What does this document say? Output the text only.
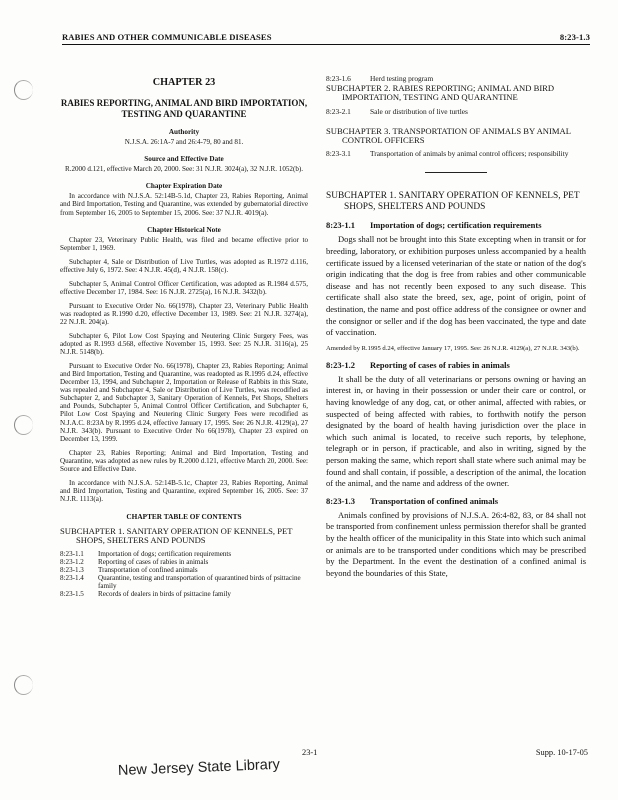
RABIES AND OTHER COMMUNICABLE DISEASES	8:23-1.3
CHAPTER 23
RABIES REPORTING, ANIMAL AND BIRD IMPORTATION, TESTING AND QUARANTINE
Authority

N.J.S.A. 26:1A-7 and 26:4-79, 80 and 81.

Source and Effective Date

R.2000 d.121, effective March 20, 2000. See: 31 N.J.R. 3024(a), 32 N.J.R. 1052(b).

Chapter Expiration Date

In accordance with N.J.S.A. 52:14B-5.1d, Chapter 23, Rabies Reporting, Animal and Bird Importation, Testing and Quarantine, was extended by gubernatorial directive from September 16, 2005 to September 15, 2006. See: 37 N.J.R. 4019(a).

Chapter Historical Note

Chapter 23, Veterinary Public Health, was filed and became effective prior to September 1, 1969.

Subchapter 4, Sale or Distribution of Live Turtles, was adopted as R.1972 d.116, effective July 6, 1972. See: 4 N.J.R. 45(d), 4 N.J.R. 158(c).

Subchapter 5, Animal Control Officer Certification, was adopted as R.1984 d.575, effective December 17, 1984. See: 16 N.J.R. 2725(a), 16 N.J.R. 3432(b).

Pursuant to Executive Order No. 66(1978), Chapter 23, Veterinary Public Health was readopted as R.1990 d.20, effective December 13, 1989. See: 21 N.J.R. 3274(a), 22 N.J.R. 204(a).

Subchapter 6, Pilot Low Cost Spaying and Neutering Clinic Surgery Fees, was adopted as R.1993 d.568, effective November 15, 1993. See: 25 N.J.R. 3116(a), 25 N.J.R. 5148(b).

Pursuant to Executive Order No. 66(1978), Chapter 23, Rabies Reporting; Animal and Bird Importation, Testing and Quarantine, was readopted as R.1995 d.24, effective December 13, 1994, and Subchapter 2, Importation or Release of Rabbits in this State, was repealed and Subchapter 4, Sale or Distribution of Live Turtles, was recodified as Subchapter 2, and Subchapter 3, Sanitary Operation of Kennels, Pet Shops, Shelters and Pounds, Subchapter 5, Animal Control Officer Certification, and Subchapter 6, Pilot Low Cost Spaying and Neutering Clinic Surgery Fees were recodified as N.J.A.C. 8:23A by R.1995 d.24, effective January 17, 1995. See: 26 N.J.R. 4129(a), 27 N.J.R. 343(b). Pursuant to Executive Order No 66(1978), Chapter 23 expired on December 13, 1999.

Chapter 23, Rabies Reporting; Animal and Bird Importation, Testing and Quarantine, was adopted as new rules by R.2000 d.121, effective March 20, 2000. See: Source and Effective Date.

In accordance with N.J.S.A. 52:14B-5.1c, Chapter 23, Rabies Reporting, Animal and Bird Importation, Testing and Quarantine, expired September 16, 2005. See: 37 N.J.R. 1113(a).

CHAPTER TABLE OF CONTENTS

SUBCHAPTER 1. SANITARY OPERATION OF KENNELS, PET SHOPS, SHELTERS AND POUNDS

8:23-1.1	Importation of dogs; certification requirements
8:23-1.2	Reporting of cases of rabies in animals
8:23-1.3	Transportation of confined animals
8:23-1.4	Quarantine, testing and transportation of quarantined birds of psittacine family
8:23-1.5	Records of dealers in birds of psittacine family
8:23-1.6	Herd testing program

SUBCHAPTER 2. RABIES REPORTING; ANIMAL AND BIRD IMPORTATION, TESTING AND QUARANTINE

8:23-2.1	Sale or distribution of live turtles

SUBCHAPTER 3. TRANSPORTATION OF ANIMALS BY ANIMAL CONTROL OFFICERS

8:23-3.1	Transportation of animals by animal control officers; responsibility

SUBCHAPTER 1. SANITARY OPERATION OF KENNELS, PET SHOPS, SHELTERS AND POUNDS

8:23-1.1 Importation of dogs; certification requirements

Dogs shall not be brought into this State excepting when in transit or for breeding, laboratory, or exhibition purposes unless accompanied by a health certificate issued by a licensed veterinarian of the state or nation of the dog's origin indicating that the dog is free from rabies and other communicable disease and has not recently been exposed to any such disease. This certificate shall also state the breed, sex, age, point of origin, point of destination, the name and post office address of the consignee or owner and the consignor or seller and if the dog has been vaccinated, the type and date of vaccination.

Amended by R.1995 d.24, effective January 17, 1995. See: 26 N.J.R. 4129(a), 27 N.J.R. 343(b).

8:23-1.2 Reporting of cases of rabies in animals

It shall be the duty of all veterinarians or persons owning or having an interest in, or having in their possession or under their care or control, or having knowledge of any dog, cat, or other animal, affected with rabies, or suspected of being affected with rabies, to forthwith notify the person designated by the board of health having jurisdiction over the place in which such animal is located, to receive such reports, by telephone, telegraph or in person, if practicable, and also in writing, signed by the person making the same, which report shall state where such animal may be found and shall contain, if possible, a description of the animal, the location of the animal, and the name and address of the owner.

8:23-1.3 Transportation of confined animals

Animals confined by provisions of N.J.S.A. 26:4-82, 83, or 84 shall not be transported from confinement unless permission therefor shall be granted by the health officer of the municipality in this State into which such animal or animals are to be transported under conditions which may be prescribed by the Department. In the event the destination of a confined animal is beyond the boundaries of this State,

23-1	Supp. 10-17-05
New Jersey State Library
